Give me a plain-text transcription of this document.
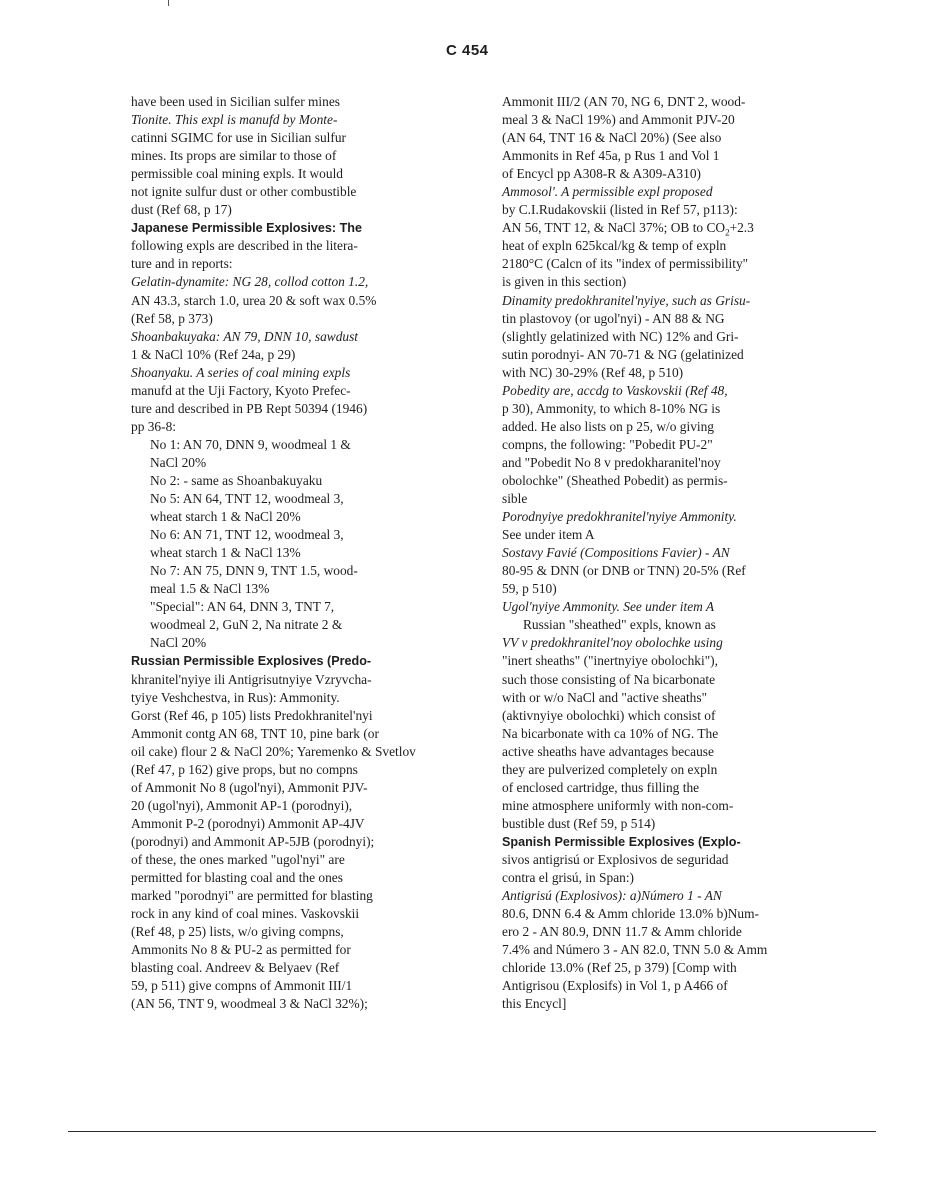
C 454
have been used in Sicilian sulfer mines
Tionite. This expl is manufd by Monte-
catinni SGIMC for use in Sicilian sulfur
mines. Its props are similar to those of
permissible coal mining expls. It would
not ignite sulfur dust or other combustible
dust (Ref 68, p 17)
Japanese Permissible Explosives: The
following expls are described in the litera-
ture and in reports:
Gelatin-dynamite: NG 28, collod cotton 1.2,
AN 43.3, starch 1.0, urea 20 & soft wax 0.5%
(Ref 58, p 373)
Shoanbakuyaka: AN 79, DNN 10, sawdust
1 & NaCl 10% (Ref 24a, p 29)
Shoanyaku. A series of coal mining expls
manufd at the Uji Factory, Kyoto Prefec-
ture and described in PB Rept 50394 (1946)
pp 36-8:
No 1: AN 70, DNN 9, woodmeal 1 &
NaCl 20%
No 2: - same as Shoanbakuyaku
No 5: AN 64, TNT 12, woodmeal 3,
wheat starch 1 & NaCl 20%
No 6: AN 71, TNT 12, woodmeal 3,
wheat starch 1 & NaCl 13%
No 7: AN 75, DNN 9, TNT 1.5, wood-
meal 1.5 & NaCl 13%
"Special": AN 64, DNN 3, TNT 7,
woodmeal 2, GuN 2, Na nitrate 2 &
NaCl 20%
Russian Permissible Explosives (Predo-
khranitel'nyiye ili Antigrisutnyiye Vzryvcha-
tyiye Veshchestva, in Rus): Ammonity.
Gorst (Ref 46, p 105) lists Predokhranitel'nyi
Ammonit contg AN 68, TNT 10, pine bark (or
oil cake) flour 2 & NaCl 20%; Yaremenko & Svetlov
(Ref 47, p 162) give props, but no compns
of Ammonit No 8 (ugol'nyi), Ammonit PJV-
20 (ugol'nyi), Ammonit AP-1 (porodnyi),
Ammonit P-2 (porodnyi) Ammonit AP-4JV
(porodnyi) and Ammonit AP-5JB (porodnyi);
of these, the ones marked "ugol'nyi" are
permitted for blasting coal and the ones
marked "porodnyi" are permitted for blasting
rock in any kind of coal mines. Vaskovskii
(Ref 48, p 25) lists, w/o giving compns,
Ammonits No 8 & PU-2 as permitted for
blasting coal. Andreev & Belyaev (Ref
59, p 511) give compns of Ammonit III/1
(AN 56, TNT 9, woodmeal 3 & NaCl 32%);
Ammonit III/2 (AN 70, NG 6, DNT 2, wood-
meal 3 & NaCl 19%) and Ammonit PJV-20
(AN 64, TNT 16 & NaCl 20%) (See also
Ammonits in Ref 45a, p Rus 1 and Vol 1
of Encycl pp A308-R & A309-A310)
Ammosol'. A permissible expl proposed
by C.I.Rudakovskii (listed in Ref 57, p113):
AN 56, TNT 12, & NaCl 37%; OB to $CO_2+2.3$
heat of expln 625kcal/kg & temp of expln
2180°C (Calcn of its "index of permissibility"
is given in this section)
Dinamity predokhranitel'nyiye, such as Grisu-
tin plastovoy (or ugol'nyi) - AN 88 & NG
(slightly gelatinized with NC) 12% and Gri-
sutin porodnyi- AN 70-71 & NG (gelatinized
with NC) 30-29% (Ref 48, p 510)
Pobedity are, accdg to Vaskovskii (Ref 48,
p 30), Ammonity, to which 8-10% NG is
added. He also lists on p 25, w/o giving
compns, the following: "Pobedit PU-2"
and "Pobedit No 8 v predokharanitel'noy
obolochke" (Sheathed Pobedit) as permis-
sible
Porodnyiye predokhranitel'nyiye Ammonity.
See under item A
Sostavy Favié (Compositions Favier) - AN
80-95 & DNN (or DNB or TNN) 20-5% (Ref
59, p 510)
Ugol'nyiye Ammonity. See under item A
Russian "sheathed" expls, known as
VV v predokhranitel'noy obolochke using
"inert sheaths" ("inertnyiye obolochki"),
such those consisting of Na bicarbonate
with or w/o NaCl and "active sheaths"
(aktivnyiye obolochki) which consist of
Na bicarbonate with ca 10% of NG. The
active sheaths have advantages because
they are pulverized completely on expln
of enclosed cartridge, thus filling the
mine atmosphere uniformly with non-com-
bustible dust (Ref 59, p 514)
Spanish Permissible Explosives (Explo-
sivos antigrisú or Explosivos de seguridad
contra el grisú, in Span:)
Antigrisú (Explosivos): a)Número 1 - AN
80.6, DNN 6.4 & Amm chloride 13.0% b)Num-
ero 2 - AN 80.9, DNN 11.7 & Amm chloride
7.4% and Número 3 - AN 82.0, TNN 5.0 & Amm
chloride 13.0% (Ref 25, p 379) [Comp with
Antigrisou (Explosifs) in Vol 1, p A466 of
this Encycl]
